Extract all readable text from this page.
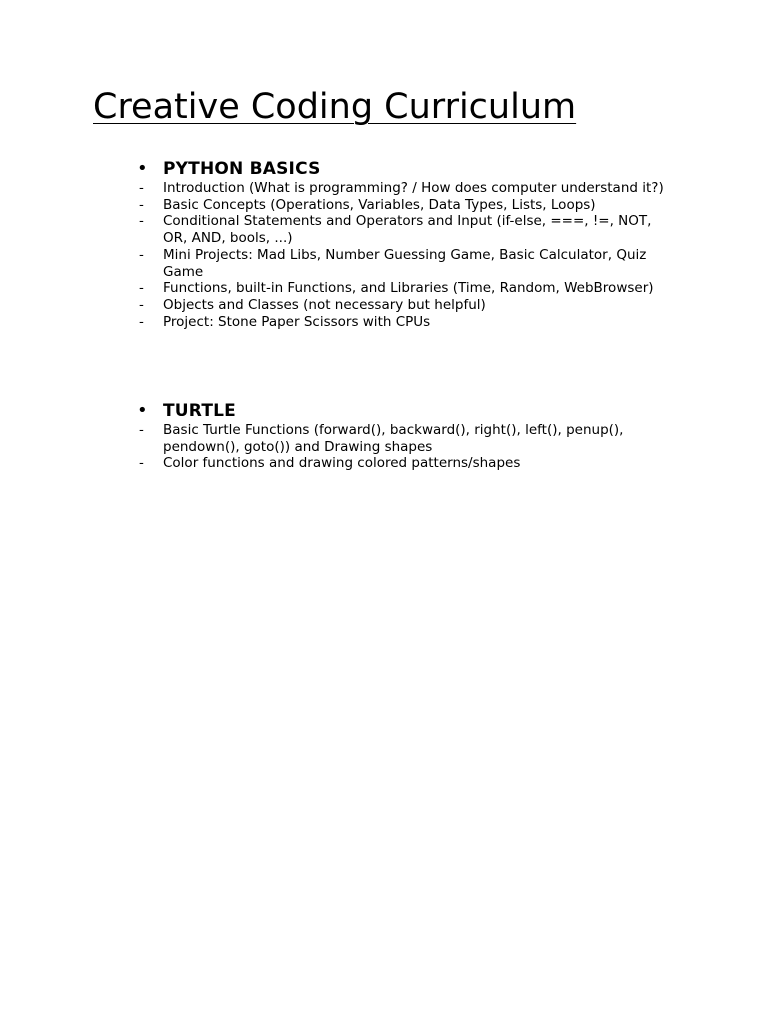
Creative Coding Curriculum
• PYTHON BASICS
-	Introduction (What is programming? / How does computer understand it?)
-	Basic Concepts (Operations, Variables, Data Types, Lists, Loops)
-	Conditional Statements and Operators and Input (if-else, ===, !=, NOT, OR, AND, bools, ...)
-	Mini Projects: Mad Libs, Number Guessing Game, Basic Calculator, Quiz Game
-	Functions, built-in Functions, and Libraries (Time, Random, WebBrowser)
-	Objects and Classes (not necessary but helpful)
-	Project: Stone Paper Scissors with CPUs
• TURTLE
-	Basic Turtle Functions (forward(), backward(), right(), left(), penup(), pendown(), goto()) and Drawing shapes
-	Color functions and drawing colored patterns/shapes
